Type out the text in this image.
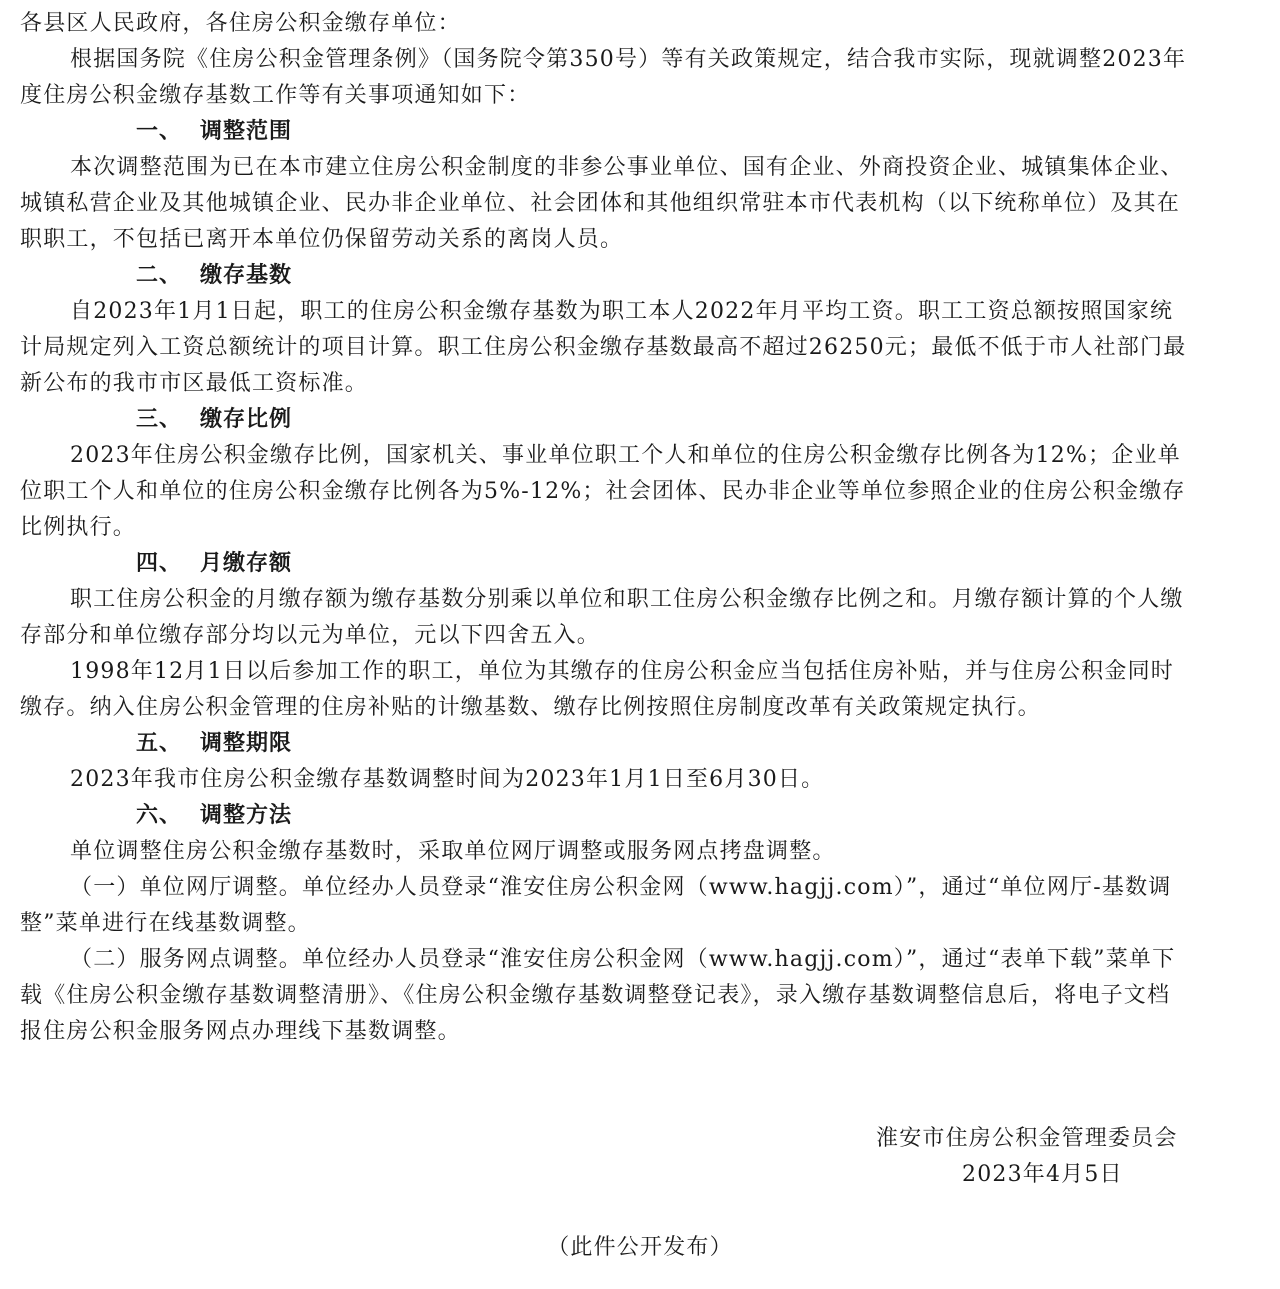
各县区人民政府，各住房公积金缴存单位：

根据国务院《住房公积金管理条例》（国务院令第350号）等有关政策规定，结合我市实际，现就调整2023年度住房公积金缴存基数工作等有关事项通知如下：

一、 调整范围

本次调整范围为已在本市建立住房公积金制度的非参公事业单位、国有企业、外商投资企业、城镇集体企业、城镇私营企业及其他城镇企业、民办非企业单位、社会团体和其他组织常驻本市代表机构（以下统称单位）及其在职职工，不包括已离开本单位仍保留劳动关系的离岗人员。

二、 缴存基数

自2023年1月1日起，职工的住房公积金缴存基数为职工本人2022年月平均工资。职工工资总额按照国家统计局规定列入工资总额统计的项目计算。职工住房公积金缴存基数最高不超过26250元；最低不低于市人社部门最新公布的我市市区最低工资标准。

三、 缴存比例

2023年住房公积金缴存比例，国家机关、事业单位职工个人和单位的住房公积金缴存比例各为12%；企业单位职工个人和单位的住房公积金缴存比例各为5%-12%；社会团体、民办非企业等单位参照企业的住房公积金缴存比例执行。

四、 月缴存额

职工住房公积金的月缴存额为缴存基数分别乘以单位和职工住房公积金缴存比例之和。月缴存额计算的个人缴存部分和单位缴存部分均以元为单位，元以下四舍五入。

1998年12月1日以后参加工作的职工，单位为其缴存的住房公积金应当包括住房补贴，并与住房公积金同时缴存。纳入住房公积金管理的住房补贴的计缴基数、缴存比例按照住房制度改革有关政策规定执行。

五、 调整期限

2023年我市住房公积金缴存基数调整时间为2023年1月1日至6月30日。

六、 调整方法

单位调整住房公积金缴存基数时，采取单位网厅调整或服务网点拷盘调整。

（一）单位网厅调整。单位经办人员登录“淮安住房公积金网（www.hagjj.com）”，通过“单位网厅-基数调整”菜单进行在线基数调整。

（二）服务网点调整。单位经办人员登录“淮安住房公积金网（www.hagjj.com）”，通过“表单下载”菜单下载《住房公积金缴存基数调整清册》、《住房公积金缴存基数调整登记表》，录入缴存基数调整信息后，将电子文档报住房公积金服务网点办理线下基数调整。

淮安市住房公积金管理委员会
2023年4月5日
（此件公开发布）
